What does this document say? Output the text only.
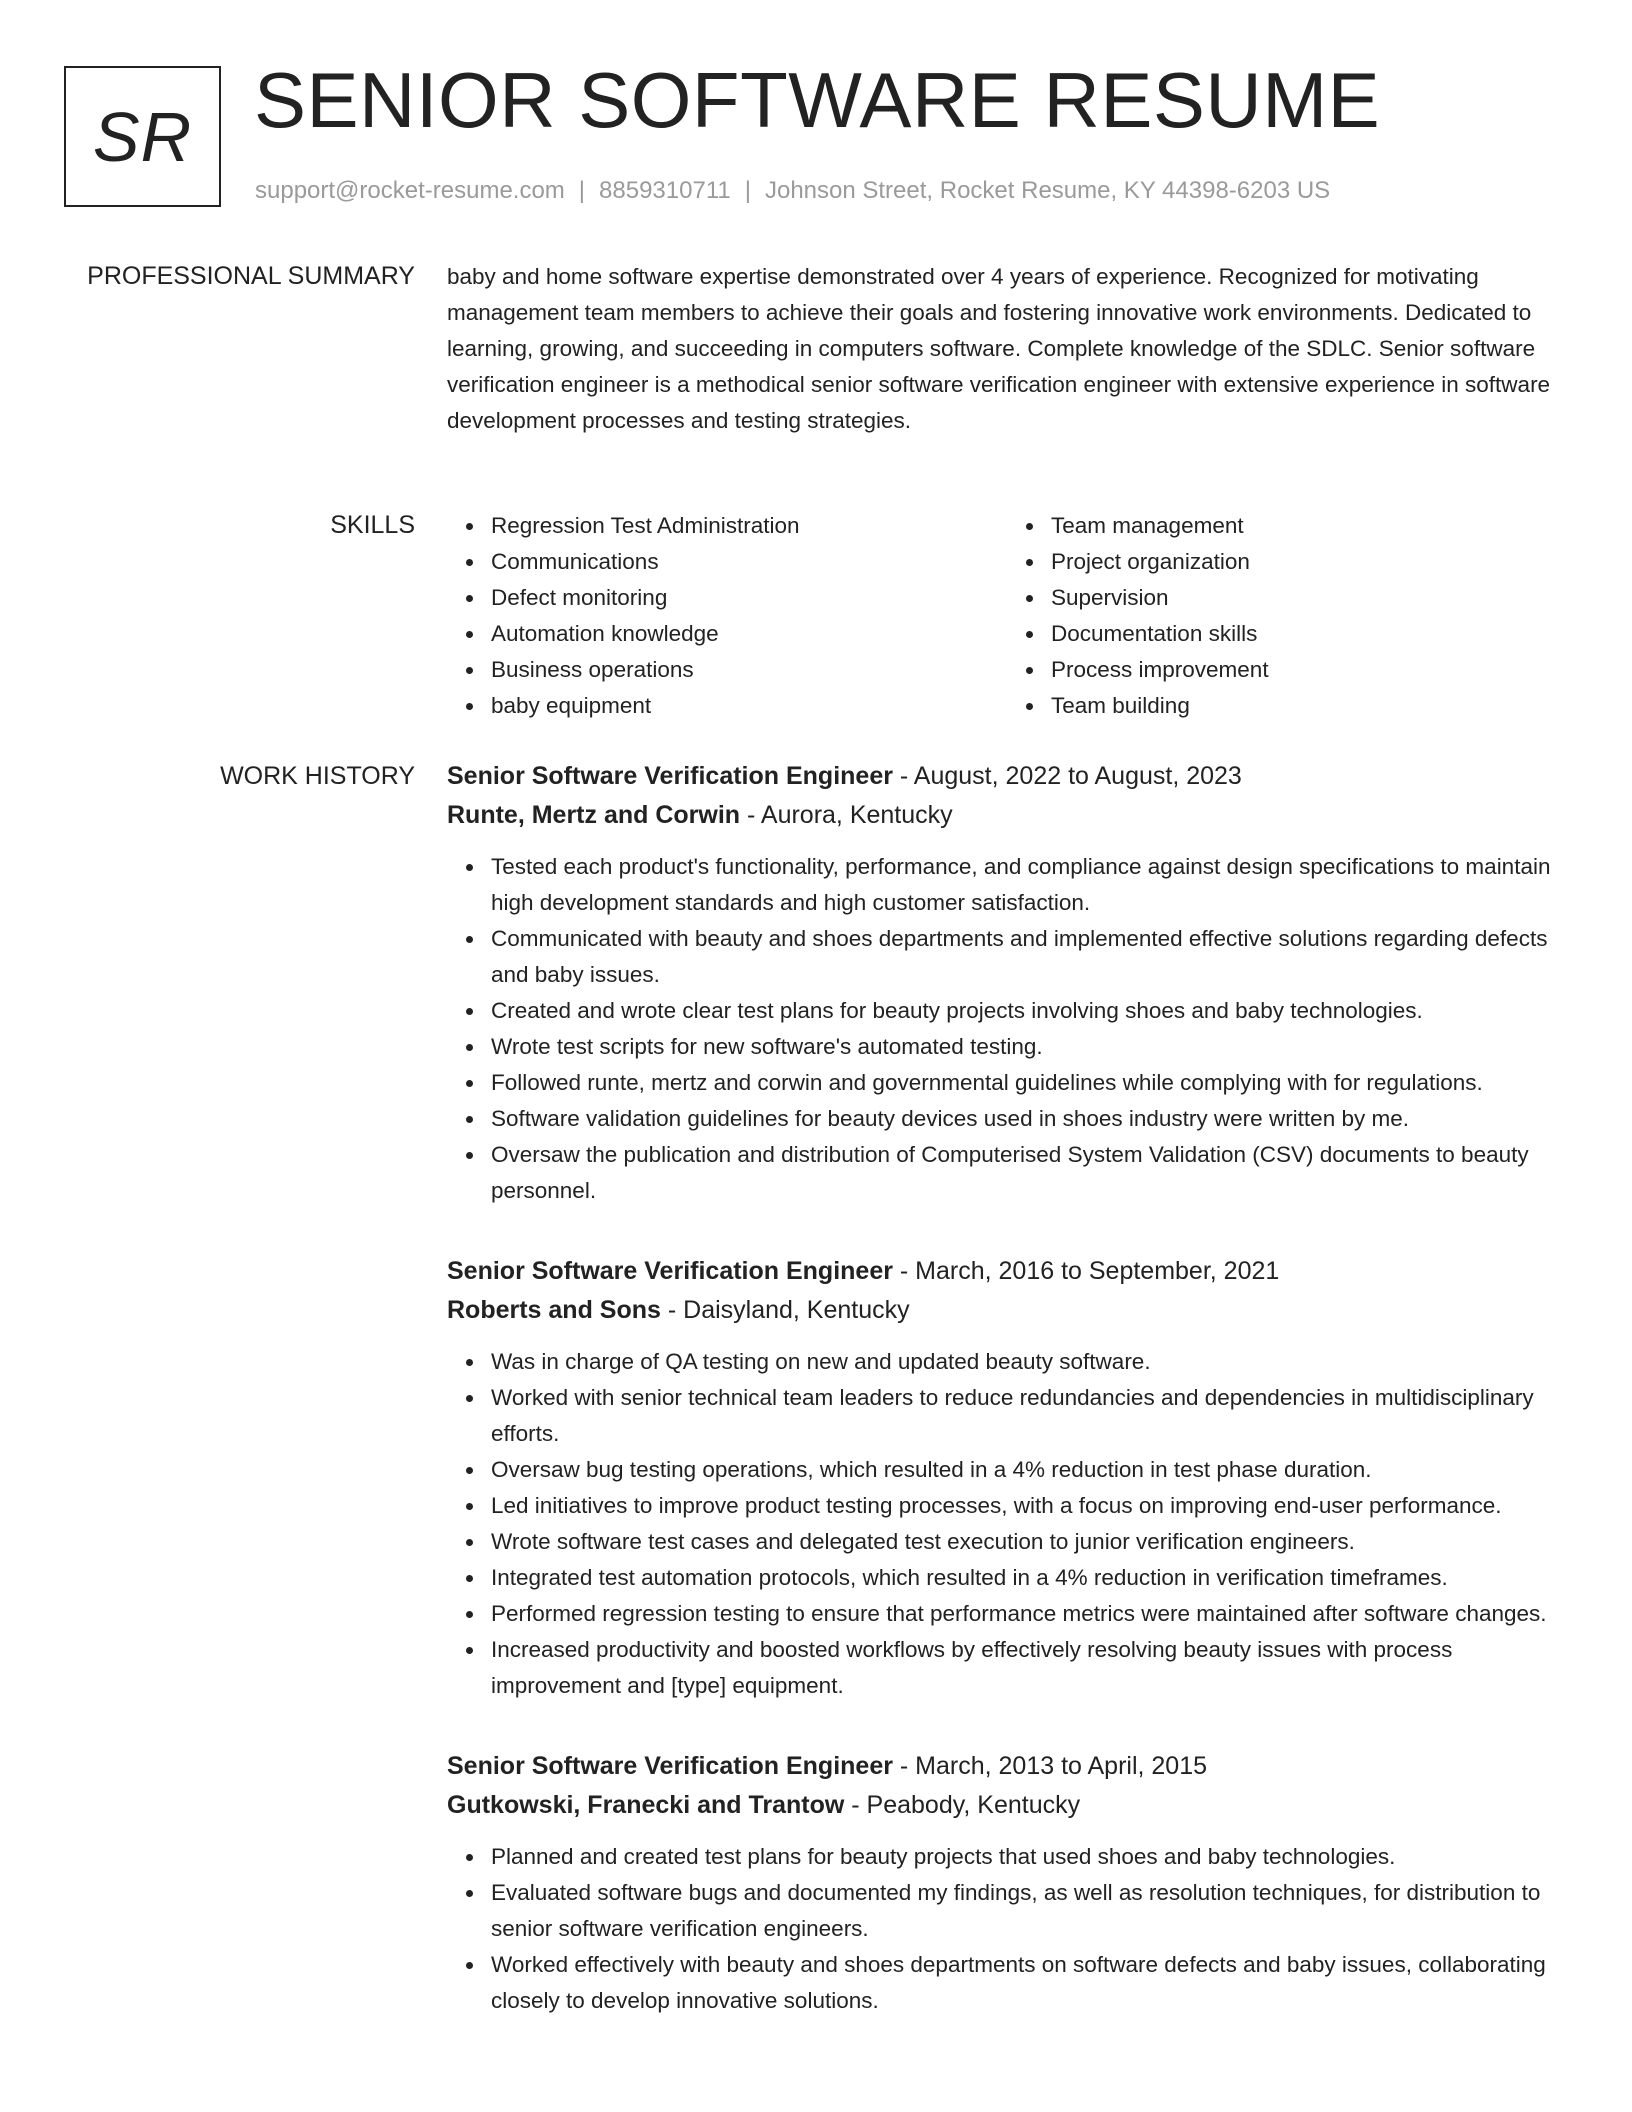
SR SENIOR SOFTWARE RESUME
support@rocket-resume.com | 8859310711 | Johnson Street, Rocket Resume, KY 44398-6203 US
PROFESSIONAL SUMMARY baby and home software expertise demonstrated over 4 years of experience. Recognized for motivating management team members to achieve their goals and fostering innovative work environments. Dedicated to learning, growing, and succeeding in computers software. Complete knowledge of the SDLC. Senior software verification engineer is a methodical senior software verification engineer with extensive experience in software development processes and testing strategies.

SKILLS	Regression Test Administration
Communications
Defect monitoring
Automation knowledge
Business operations
baby equipment
Team management
Project organization
Supervision
Documentation skills
Process improvement
Team building
WORK HISTORY Senior Software Verification Engineer - August, 2022 to August, 2023
Runte, Mertz and Corwin - Aurora, Kentucky
Tested each product's functionality, performance, and compliance against design specifications to maintain high development standards and high customer satisfaction.
Communicated with beauty and shoes departments and implemented effective solutions regarding defects and baby issues.
Created and wrote clear test plans for beauty projects involving shoes and baby technologies.
Wrote test scripts for new software's automated testing.
Followed runte, mertz and corwin and governmental guidelines while complying with for regulations.
Software validation guidelines for beauty devices used in shoes industry were written by me.
Oversaw the publication and distribution of Computerised System Validation (CSV) documents to beauty personnel.
Senior Software Verification Engineer - March, 2016 to September, 2021
Roberts and Sons - Daisyland, Kentucky
Was in charge of QA testing on new and updated beauty software.
Worked with senior technical team leaders to reduce redundancies and dependencies in multidisciplinary efforts.
Oversaw bug testing operations, which resulted in a 4% reduction in test phase duration.
Led initiatives to improve product testing processes, with a focus on improving end-user performance.
Wrote software test cases and delegated test execution to junior verification engineers.
Integrated test automation protocols, which resulted in a 4% reduction in verification timeframes.
Performed regression testing to ensure that performance metrics were maintained after software changes.
Increased productivity and boosted workflows by effectively resolving beauty issues with process improvement and [type] equipment.
Senior Software Verification Engineer - March, 2013 to April, 2015
Gutkowski, Franecki and Trantow - Peabody, Kentucky
Planned and created test plans for beauty projects that used shoes and baby technologies.
Evaluated software bugs and documented my findings, as well as resolution techniques, for distribution to senior software verification engineers.
Worked effectively with beauty and shoes departments on software defects and baby issues, collaborating closely to develop innovative solutions.
